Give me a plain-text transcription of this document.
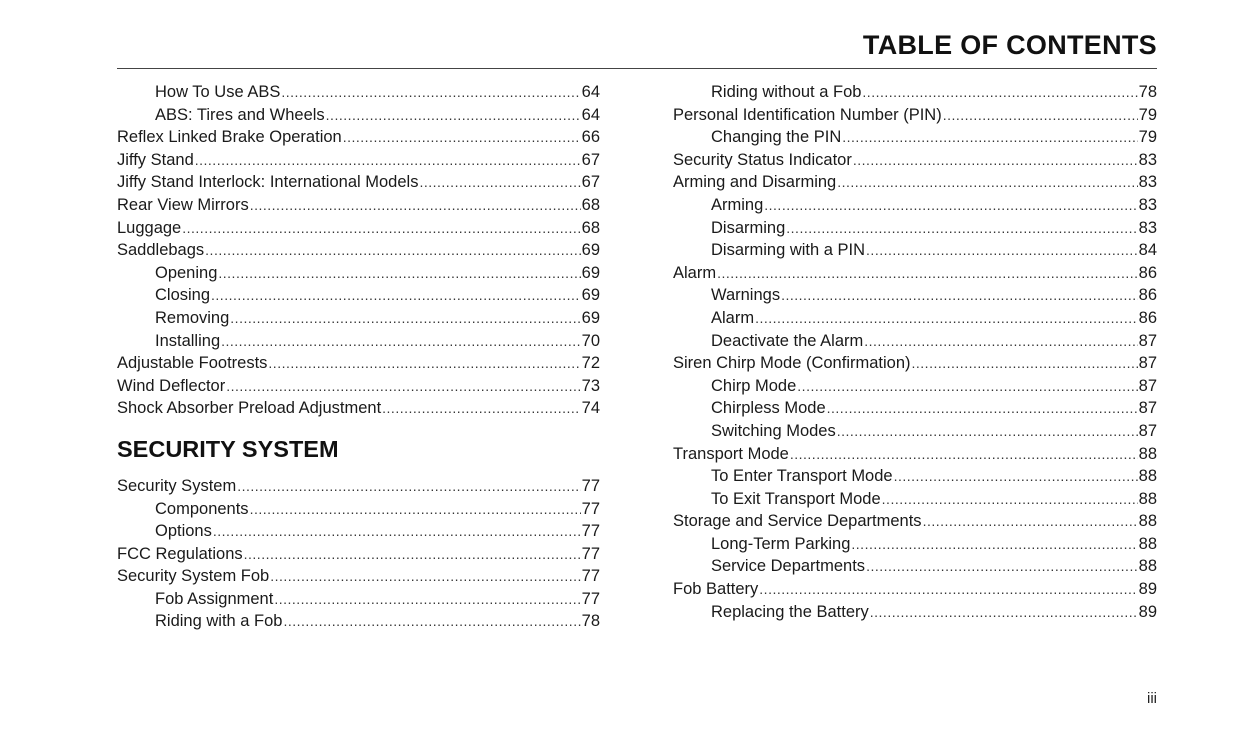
TABLE OF CONTENTS
How To Use ABS .....	64
ABS: Tires and Wheels .....	64
Reflex Linked Brake Operation .....	66
Jiffy Stand .....	67
Jiffy Stand Interlock: International Models .....	67
Rear View Mirrors .....	68
Luggage .....	68
Saddlebags .....	69
Opening .....	69
Closing .....	69
Removing .....	69
Installing .....	70
Adjustable Footrests .....	72
Wind Deflector .....	73
Shock Absorber Preload Adjustment .....	74
SECURITY SYSTEM
Security System .....	77
Components .....	77
Options .....	77
FCC Regulations .....	77
Security System Fob .....	77
Fob Assignment .....	77
Riding with a Fob .....	78
Riding without a Fob .....	78
Personal Identification Number (PIN) .....	79
Changing the PIN .....	79
Security Status Indicator .....	83
Arming and Disarming .....	83
Arming .....	83
Disarming .....	83
Disarming with a PIN .....	84
Alarm .....	86
Warnings .....	86
Alarm .....	86
Deactivate the Alarm .....	87
Siren Chirp Mode (Confirmation) .....	87
Chirp Mode .....	87
Chirpless Mode .....	87
Switching Modes .....	87
Transport Mode .....	88
To Enter Transport Mode .....	88
To Exit Transport Mode .....	88
Storage and Service Departments .....	88
Long-Term Parking .....	88
Service Departments .....	88
Fob Battery .....	89
Replacing the Battery .....	89
iii
